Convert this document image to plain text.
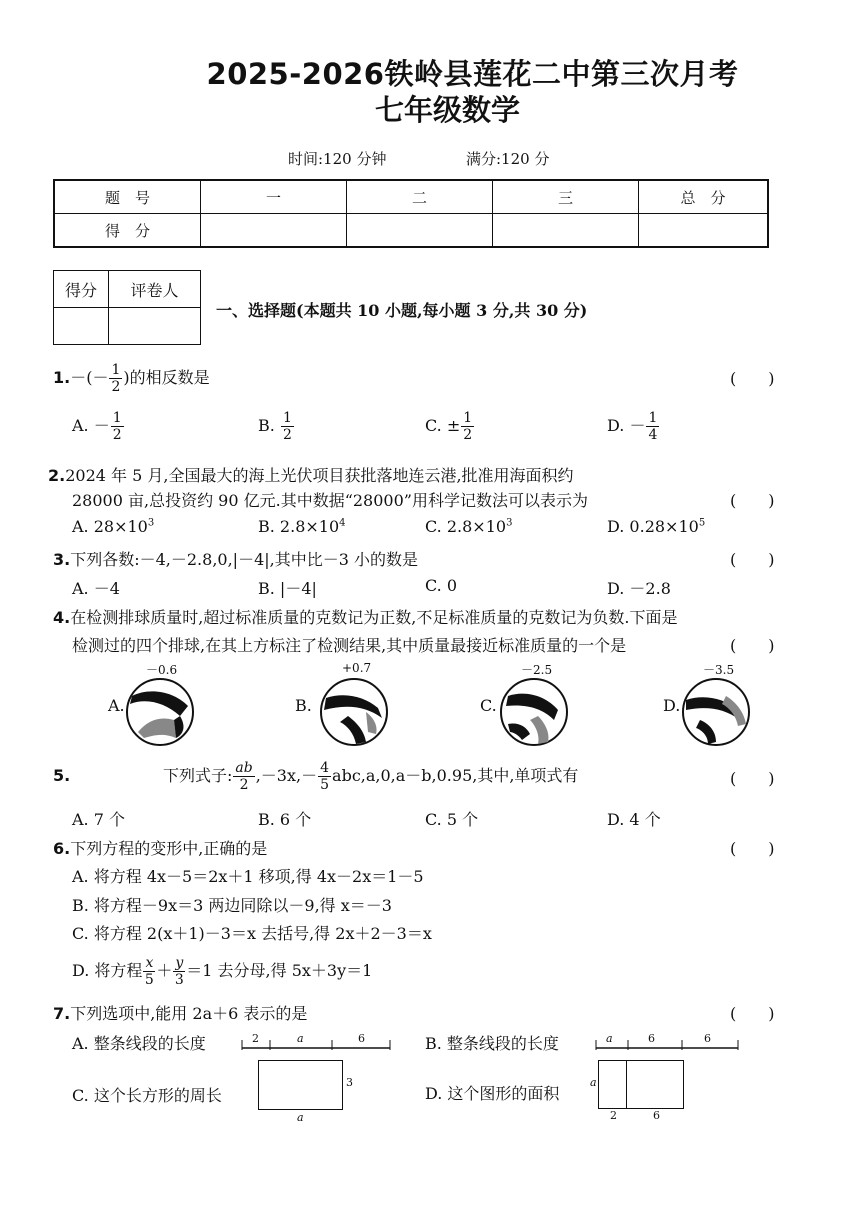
2025-2026铁岭县莲花二中第三次月考
七年级数学
时间:120 分钟	满分:120 分
题　号	一	二	三	总　分
得　分				
得分	评卷人

一、选择题(本题共 10 小题,每小题 3 分,共 30 分)
$1.-(- \frac{1}{2}$ )的相反数是	(　　)
A. － $\frac{1}{2}$	B. $\frac{1}{2}$	C. ± $\frac{1}{2}$	D. － $\frac{1}{4}$
2.2024 年 5 月,全国最大的海上光伏项目获批落地连云港,批准用海面积约
28000 亩,总投资约 90 亿元.其中数据“28000”用科学记数法可以表示为	(　　)
A. $28\times 10^3$	B. $2.8\times 10^4$	C. $2.8\times 10^3$	D. $0.28\times 10^5$
3.下列各数:－4,－2.8,0,|－4|,其中比－3 小的数是	(　　)
A. －4	B. |－4|	C. 0	D. －2.8
4.在检测排球质量时,超过标准质量的克数记为正数,不足标准质量的克数记为负数.下面是
检测过的四个排球,在其上方标注了检测结果,其中质量最接近标准质量的一个是	(　　)
－0.6	+0.7	－2.5	－3.5
A.	B.	C.	D.
5.	下列式子: $\frac{ab}{2} ,-3x,- \frac{4}{5} abc,a,0,a-b,0.95$,其中,单项式有	(　　)
A. 7 个	B. 6 个	C. 5 个	D. 4 个
6.下列方程的变形中,正确的是	(　　)
A. 将方程 4x－5＝2x＋1 移项,得 4x－2x＝1－5
B. 将方程－9x＝3 两边同除以－9,得 x＝－3
C. 将方程 2(x＋1)－3＝x 去括号,得 2x＋2－3＝x
D. 将方程 $\frac{x}{5} + \frac{y}{3} =1$ 去分母,得 5x＋3y＝1
7.下列选项中,能用 2a＋6 表示的是	(　　)
A. 整条线段的长度	2	a	6	B. 整条线段的长度	a	6	6
C. 这个长方形的周长
3
a
D. 这个图形的面积
a
2	6
